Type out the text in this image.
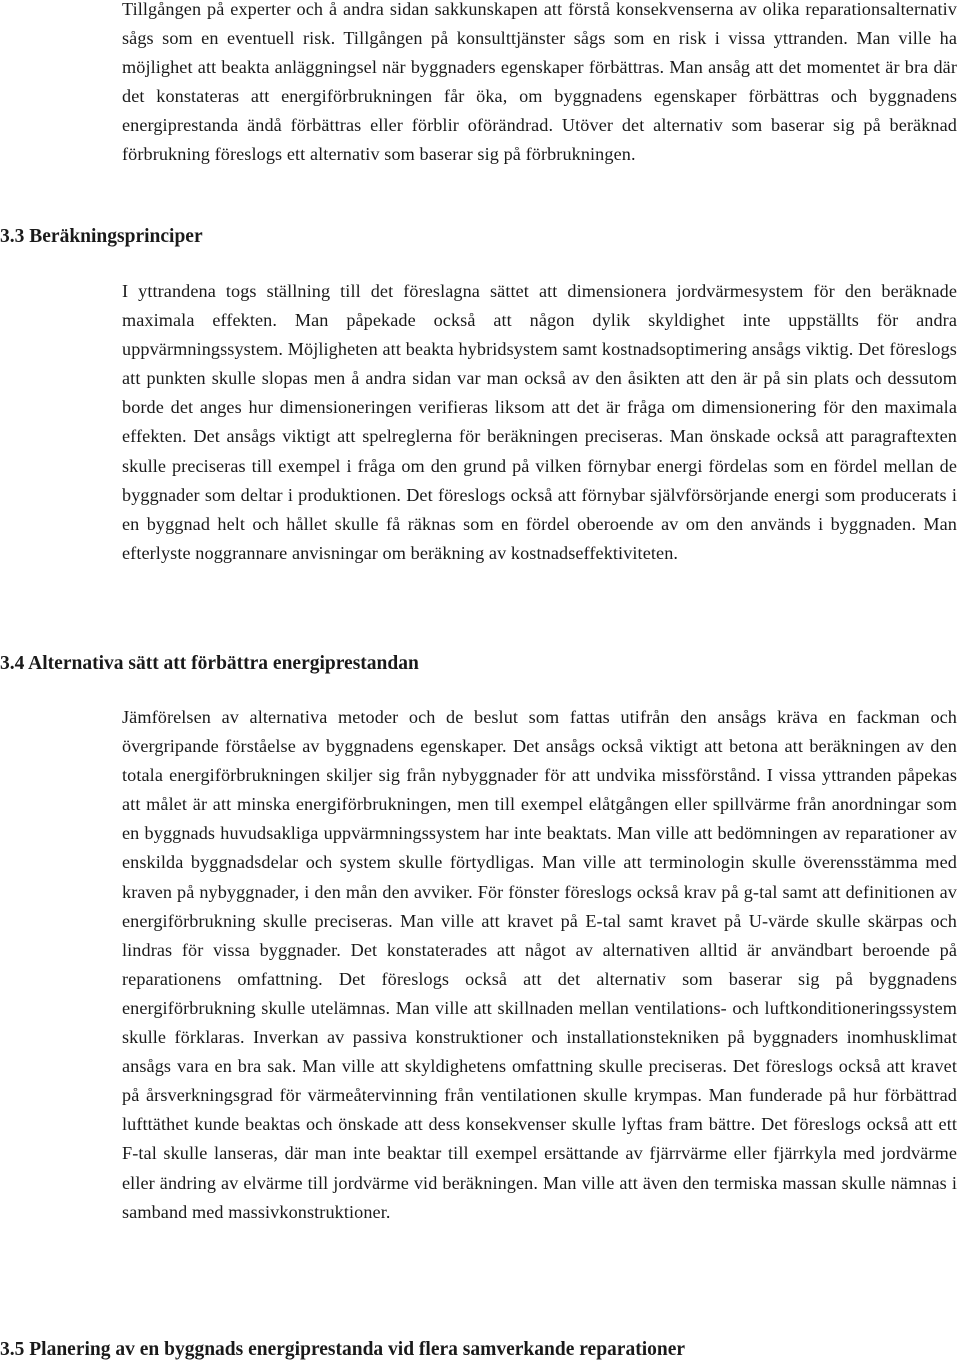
Tillgången på experter och å andra sidan sakkunskapen att förstå konsekvenserna av olika reparationsalternativ sågs som en eventuell risk. Tillgången på konsulttjänster sågs som en risk i vissa yttranden. Man ville ha möjlighet att beakta anläggningsel när byggnaders egenskaper förbättras. Man ansåg att det momentet är bra där det konstateras att energiförbrukningen får öka, om byggnadens egenskaper förbättras och byggnadens energiprestanda ändå förbättras eller förblir oförändrad. Utöver det alternativ som baserar sig på beräknad förbrukning föreslogs ett alternativ som baserar sig på förbrukningen.

3.3 Beräkningsprinciper

I yttrandena togs ställning till det föreslagna sättet att dimensionera jordvärmesystem för den beräknade maximala effekten. Man påpekade också att någon dylik skyldighet inte uppställts för andra uppvärmningssystem. Möjligheten att beakta hybridsystem samt kostnadsoptimering ansågs viktig. Det föreslogs att punkten skulle slopas men å andra sidan var man också av den åsikten att den är på sin plats och dessutom borde det anges hur dimensioneringen verifieras liksom att det är fråga om dimensionering för den maximala effekten. Det ansågs viktigt att spelreglerna för beräkningen preciseras. Man önskade också att paragraftexten skulle preciseras till exempel i fråga om den grund på vilken förnybar energi fördelas som en fördel mellan de byggnader som deltar i produktionen. Det föreslogs också att förnybar självförsörjande energi som producerats i en byggnad helt och hållet skulle få räknas som en fördel oberoende av om den används i byggnaden. Man efterlyste noggrannare anvisningar om beräkning av kostnadseffektiviteten.

3.4 Alternativa sätt att förbättra energiprestandan

Jämförelsen av alternativa metoder och de beslut som fattas utifrån den ansågs kräva en fackman och övergripande förståelse av byggnadens egenskaper. Det ansågs också viktigt att betona att beräkningen av den totala energiförbrukningen skiljer sig från nybyggnader för att undvika missförstånd. I vissa yttranden påpekas att målet är att minska energiförbrukningen, men till exempel elåtgången eller spillvärme från anordningar som en byggnads huvudsakliga uppvärmningssystem har inte beaktats. Man ville att bedömningen av reparationer av enskilda byggnadsdelar och system skulle förtydligas. Man ville att terminologin skulle överensstämma med kraven på nybyggnader, i den mån den avviker. För fönster föreslogs också krav på g-tal samt att definitionen av energiförbrukning skulle preciseras. Man ville att kravet på E-tal samt kravet på U-värde skulle skärpas och lindras för vissa byggnader. Det konstaterades att något av alternativen alltid är användbart beroende på reparationens omfattning. Det föreslogs också att det alternativ som baserar sig på byggnadens energiförbrukning skulle utelämnas. Man ville att skillnaden mellan ventilations- och luftkonditioneringssystem skulle förklaras. Inverkan av passiva konstruktioner och installationstekniken på byggnaders inomhusklimat ansågs vara en bra sak. Man ville att skyldighetens omfattning skulle preciseras. Det föreslogs också att kravet på årsverkningsgrad för värmeåtervinning från ventilationen skulle krympas. Man funderade på hur förbättrad lufttäthet kunde beaktas och önskade att dess konsekvenser skulle lyftas fram bättre. Det föreslogs också att ett F-tal skulle lanseras, där man inte beaktar till exempel ersättande av fjärrvärme eller fjärrkyla med jordvärme eller ändring av elvärme till jordvärme vid beräkningen. Man ville att även den termiska massan skulle nämnas i samband med massivkonstruktioner.

3.5 Planering av en byggnads energiprestanda vid flera samverkande reparationer
